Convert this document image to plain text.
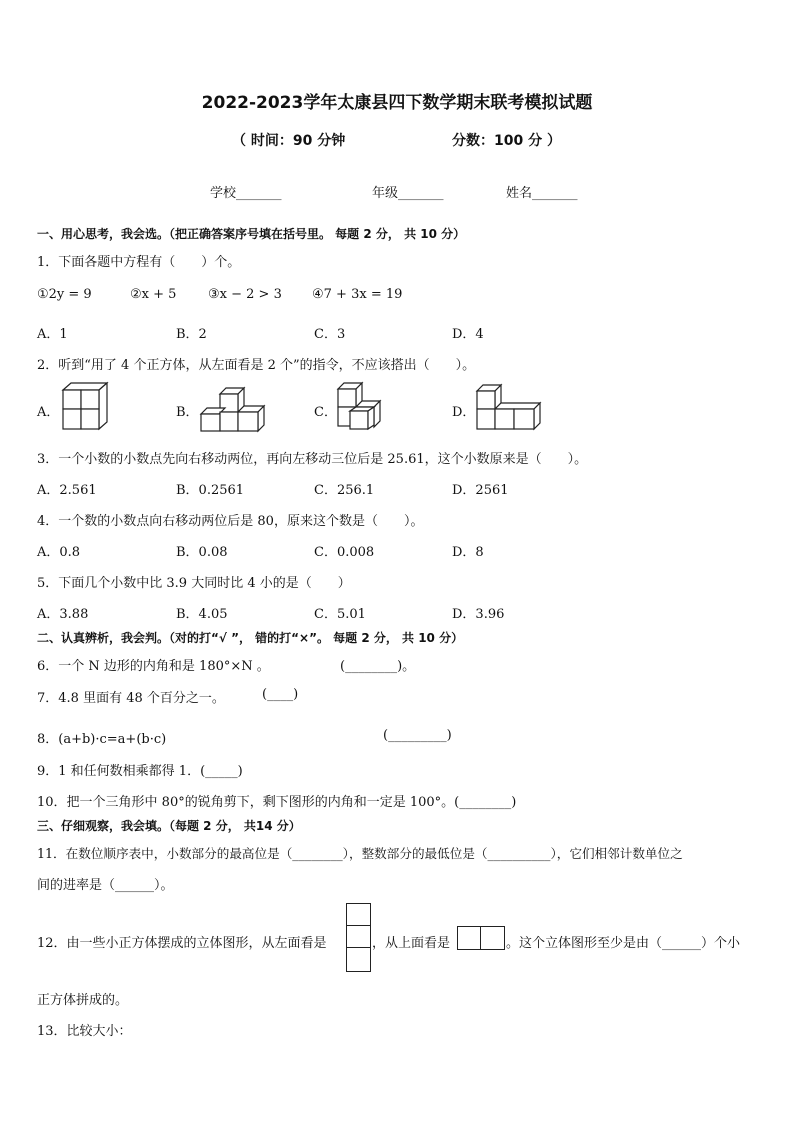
2022-2023学年太康县四下数学期末联考模拟试题
（ 时间：90 分钟	分数：100 分 ）
学校_______	年级_______	姓名_______
一、用心思考，我会选。（把正确答案序号填在括号里。 每题 2 分， 共 10 分）
1．下面各题中方程有（　　）个。
①2y = 9	②x + 5 ③x − 2 > 3 ④7 + 3x = 19
A．1	B．2	C．3	D．4
2．听到“用了 4 个正方体，从左面看是 2 个”的指令，不应该搭出（　　）。
A．	B．	C．	D．
3．一个小数的小数点先向右移动两位，再向左移动三位后是 25.61，这个小数原来是（　　）。
A．2.561	B．0.2561	C．256.1	D．2561
4．一个数的小数点向右移动两位后是 80，原来这个数是（　　）。
A．0.8	B．0.08	C．0.008	D．8
5．下面几个小数中比 3.9 大同时比 4 小的是（　　）
A．3.88	B．4.05	C．5.01	D．3.96
二、认真辨析，我会判。（对的打“√ ”， 错的打“×”。 每题 2 分， 共 10 分）
6．一个 N 边形的内角和是 180°×N 。	(________)。
7．4.8 里面有 48 个百分之一。	(____)
8．(a+b)·c=a+(b·c)	(_________)
9．1 和任何数相乘都得 1．(_____)
10．把一个三角形中 80°的锐角剪下，剩下图形的内角和一定是 100°。(________)
三、仔细观察，我会填。（每题 2 分， 共14 分）
11．在数位顺序表中，小数部分的最高位是（________），整数部分的最低位是（__________），它们相邻计数单位之
间的进率是（______）。
12．由一些小正方体摆成的立体图形，从左面看是	，从上面看是	。这个立体图形至少是由（______）个小
正方体拼成的。
13．比较大小：
